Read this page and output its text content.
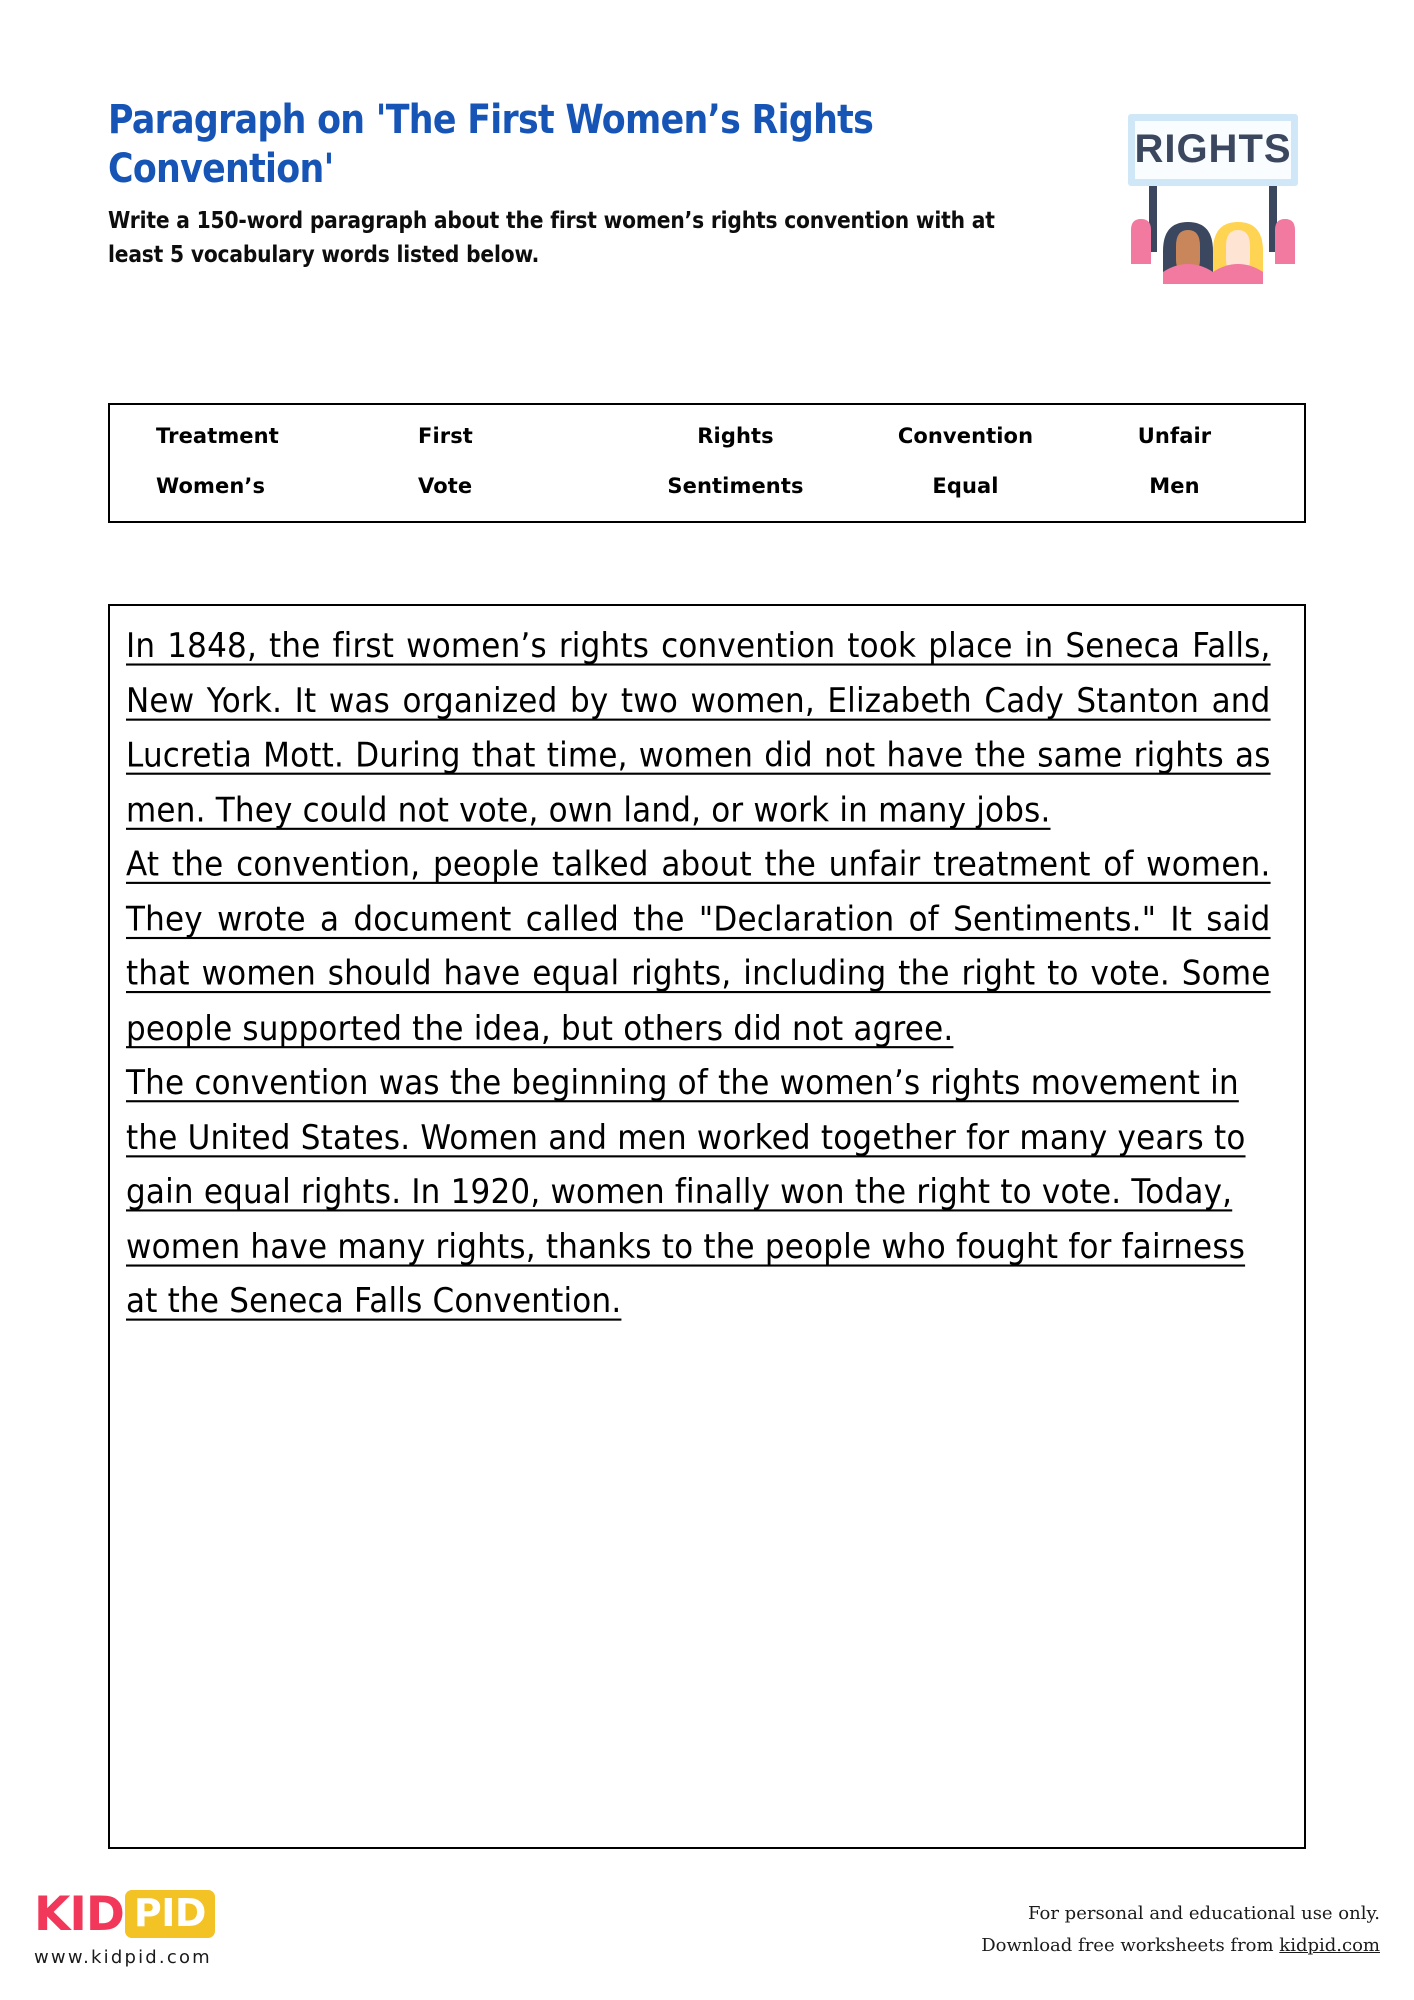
Paragraph on 'The First Women’s Rights Convention'

Write a 150-word paragraph about the first women’s rights convention with at least 5 vocabulary words listed below.

RIGHTS
Treatment	First	Rights	Convention	Unfair
Women’s	Vote	Sentiments	Equal	Men

In 1848, the first women’s rights convention took place in Seneca Falls, New York. It was organized by two women, Elizabeth Cady Stanton and Lucretia Mott. During that time, women did not have the same rights as men. They could not vote, own land, or work in many jobs.

At the convention, people talked about the unfair treatment of women. They wrote a document called the "Declaration of Sentiments." It said that women should have equal rights, including the right to vote. Some people supported the idea, but others did not agree.

The convention was the beginning of the women’s rights movement in the United States. Women and men worked together for many years to gain equal rights. In 1920, women finally won the right to vote. Today, women have many rights, thanks to the people who fought for fairness at the Seneca Falls Convention.

KID PID
www.kidpid.com
For personal and educational use only.
Download free worksheets from kidpid.com
